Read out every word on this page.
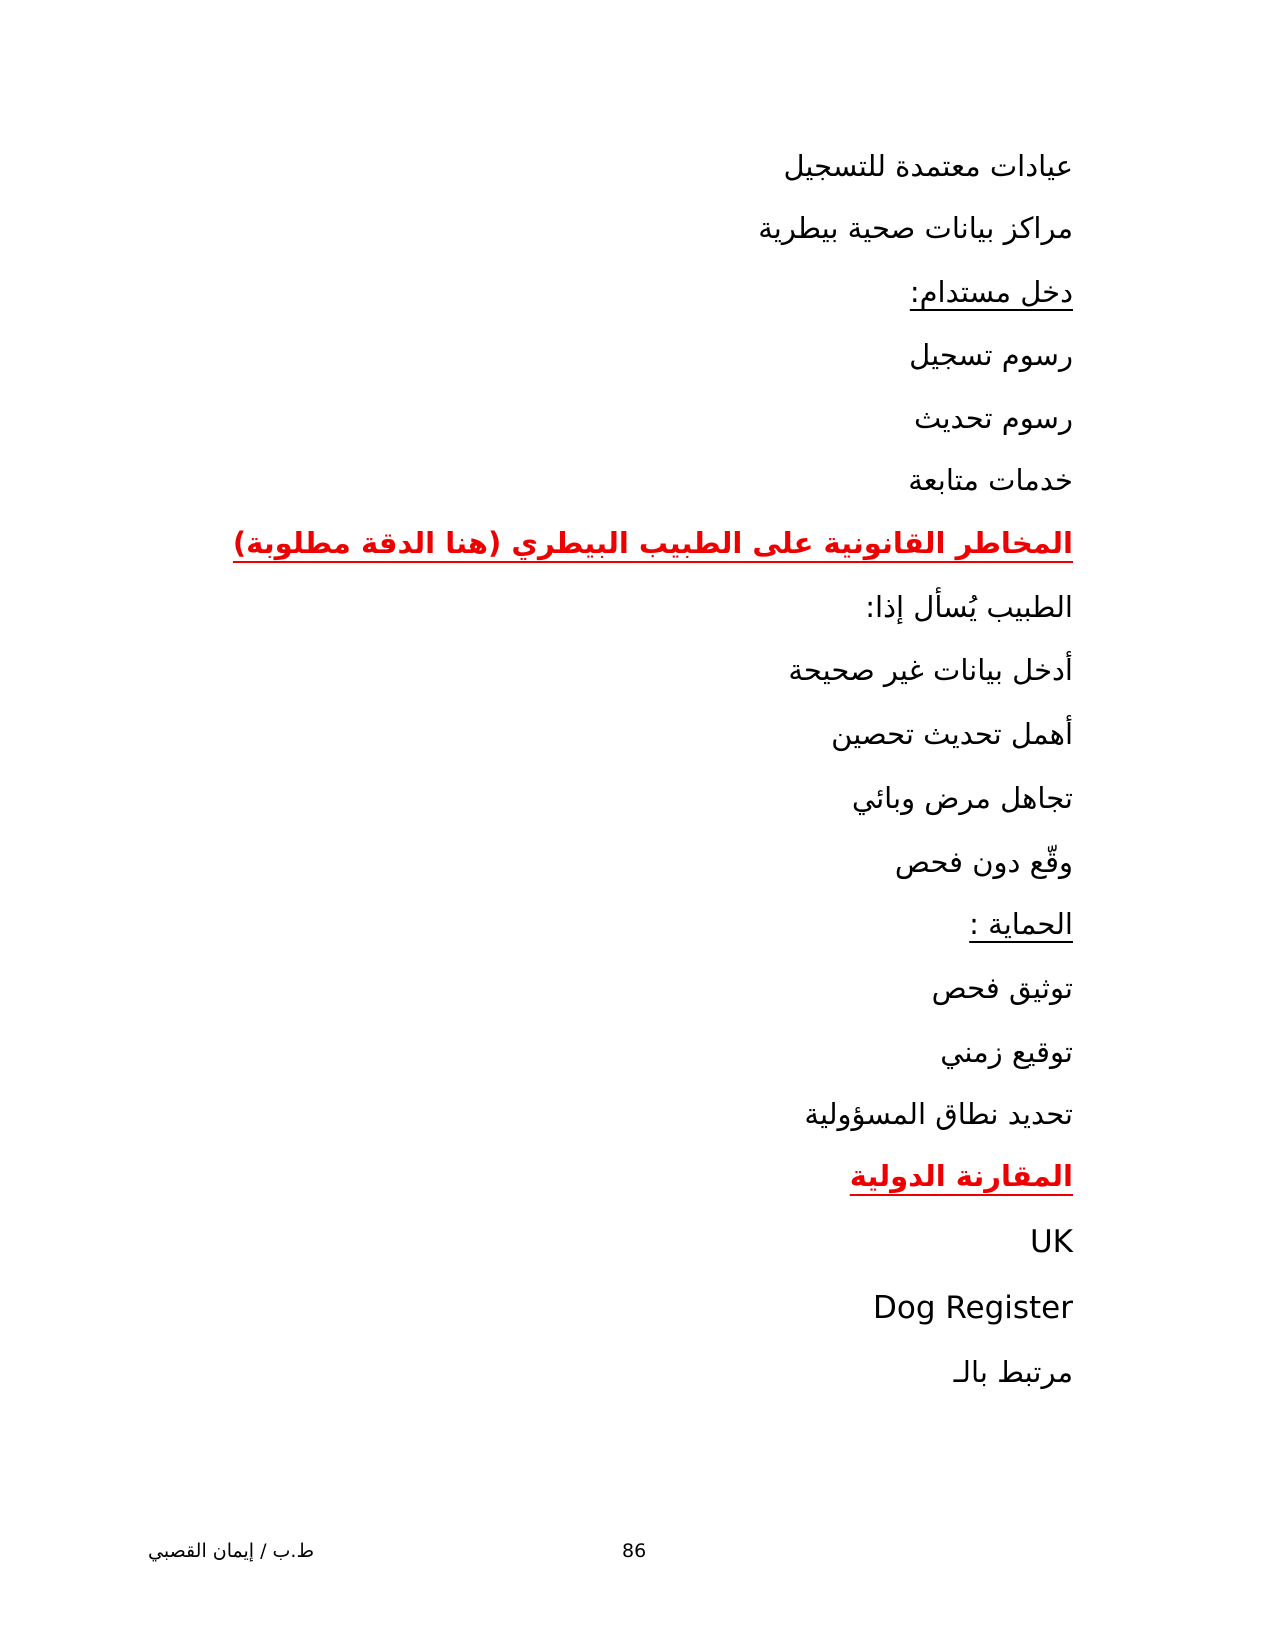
عيادات معتمدة للتسجيل
مراكز بيانات صحية بيطرية
دخل مستدام:
رسوم تسجيل
رسوم تحديث
خدمات متابعة
المخاطر القانونية على الطبيب البيطري (هنا الدقة مطلوبة)
الطبيب يُسأل إذا:
أدخل بيانات غير صحيحة
أهمل تحديث تحصين
تجاهل مرض وبائي
وقّع دون فحص
الحماية :
توثيق فحص
توقيع زمني
تحديد نطاق المسؤولية
المقارنة الدولية
UK
Dog Register
مرتبط بالـ
ط.ب / إيمان القصبي	86
